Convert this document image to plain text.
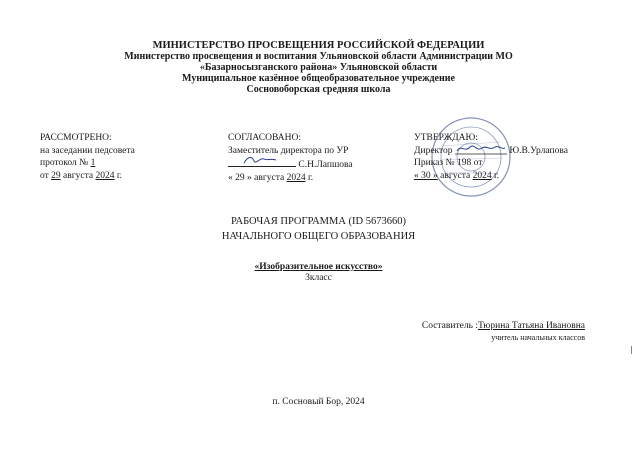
МИНИСТЕРСТВО ПРОСВЕЩЕНИЯ РОССИЙСКОЙ ФЕДЕРАЦИИ
Министерство просвещения и воспитания Ульяновской области Администрации МО
«Базарносызганского района» Ульяновской области
Муниципальное казённое общеобразовательное учреждение
Сосновоборская средняя школа
РАССМОТРЕНО:
на заседании педсовета
протокол № 1
от 29 августа 2024 г.
СОГЛАСОВАНО:
Заместитель директора по УР
С.Н.Лапшова
« 29 » августа 2024 г.
УТВЕРЖДАЮ:
Директор	Ю.В.Урлапова
Приказ № 198 от
« 30 » августа 2024 г.
РАБОЧАЯ ПРОГРАММА (ID 5673660)
НАЧАЛЬНОГО ОБЩЕГО ОБРАЗОВАНИЯ
«Изобразительное искусство»
3класс
Составитель :Тюрина Татьяна Ивановна
учитель начальных классов
п. Сосновый Бор, 2024
